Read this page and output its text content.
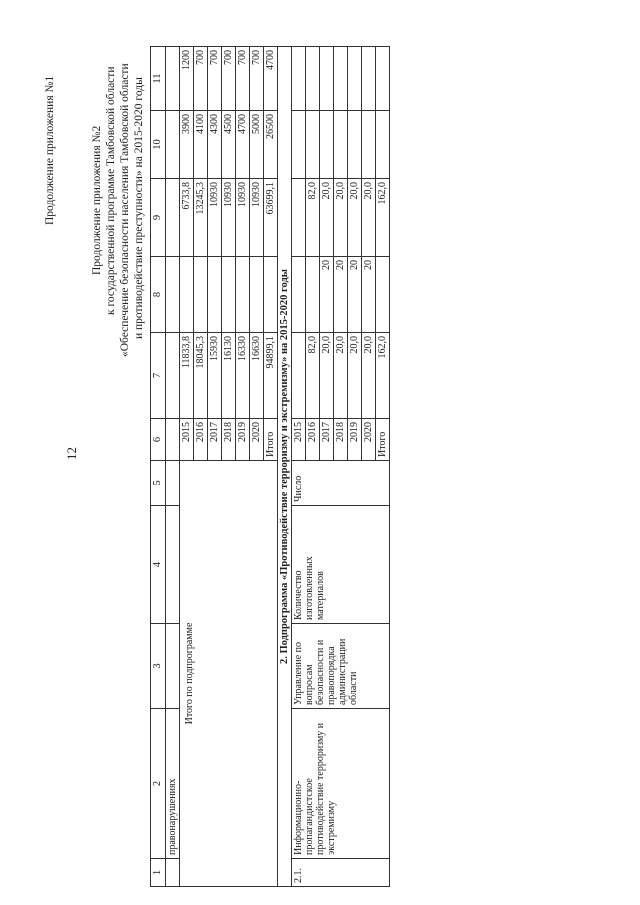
Продолжение приложения №1
12
Продолжение приложения №2 к государственной программе Тамбовской области «Обеспечение безопасности населения Тамбовской области и противодействие преступности» на 2015-2020 годы
1	2	3	4	5	6	7	8	9	10	11
	правонарушениях									
Итого по подпрограмме					2015	11833,8		6733,8	3900	1200
					2016	18045,3		13245,3	4100	700
					2017	15930		10930	4300	700
					2018	16130		10930	4500	700
					2019	16330		10930	4700	700
					2020	16630		10930	5000	700
					Итого	94899,1		63699,1	26500	4700
2. Подпрограмма «Противодействие терроризму и экстремизму» на 2015-2020 годы										
2.1.	Информационно-пропагандистское противодействие терроризму и экстремизму	Управление по вопросам безопасности и правопорядка администрации области	Количество изготовленных материалов	Число	2015					
					2016	82,0		82,0		
					2017	20,0	20	20,0		
					2018	20,0	20	20,0		
					2019	20,0	20	20,0		
					2020	20,0	20	20,0		
					Итого	162,0		162,0		
